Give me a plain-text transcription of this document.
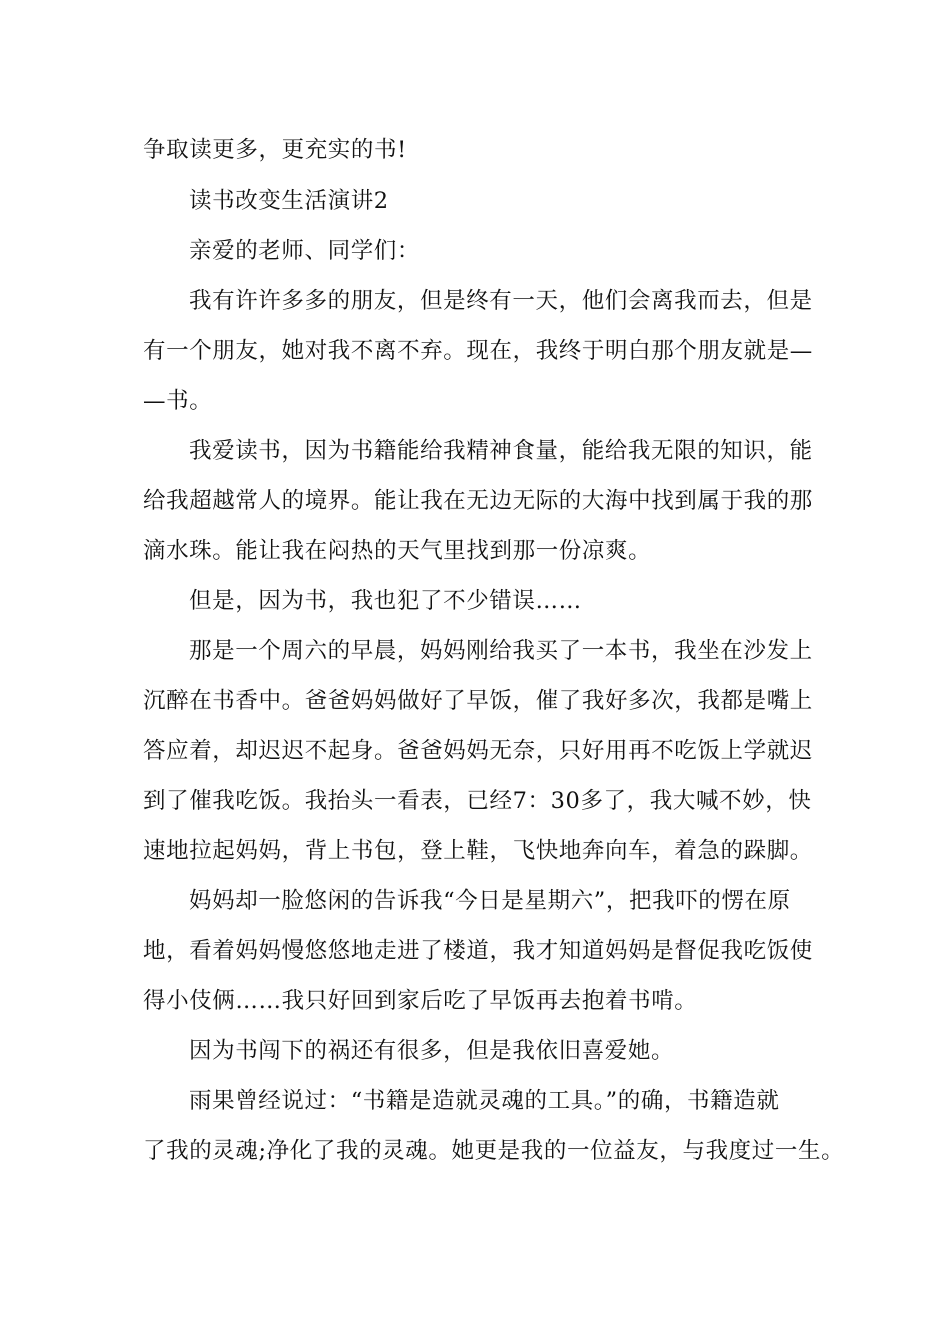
争取读更多，更充实的书!
读书改变生活演讲2
亲爱的老师、同学们：
我有许许多多的朋友，但是终有一天，他们会离我而去，但是
有一个朋友，她对我不离不弃。现在，我终于明白那个朋友就是—
—书。
我爱读书，因为书籍能给我精神食量，能给我无限的知识，能
给我超越常人的境界。能让我在无边无际的大海中找到属于我的那
滴水珠。能让我在闷热的天气里找到那一份凉爽。
但是，因为书，我也犯了不少错误……
那是一个周六的早晨，妈妈刚给我买了一本书，我坐在沙发上
沉醉在书香中。爸爸妈妈做好了早饭，催了我好多次，我都是嘴上
答应着，却迟迟不起身。爸爸妈妈无奈，只好用再不吃饭上学就迟
到了催我吃饭。我抬头一看表，已经7：30多了，我大喊不妙，快
速地拉起妈妈，背上书包，登上鞋，飞快地奔向车，着急的跺脚。
妈妈却一脸悠闲的告诉我“今日是星期六”，把我吓的愣在原
地，看着妈妈慢悠悠地走进了楼道，我才知道妈妈是督促我吃饭使
得小伎俩……我只好回到家后吃了早饭再去抱着书啃。
因为书闯下的祸还有很多，但是我依旧喜爱她。
雨果曾经说过：“书籍是造就灵魂的工具。”的确，书籍造就
了我的灵魂;净化了我的灵魂。她更是我的一位益友，与我度过一生。
